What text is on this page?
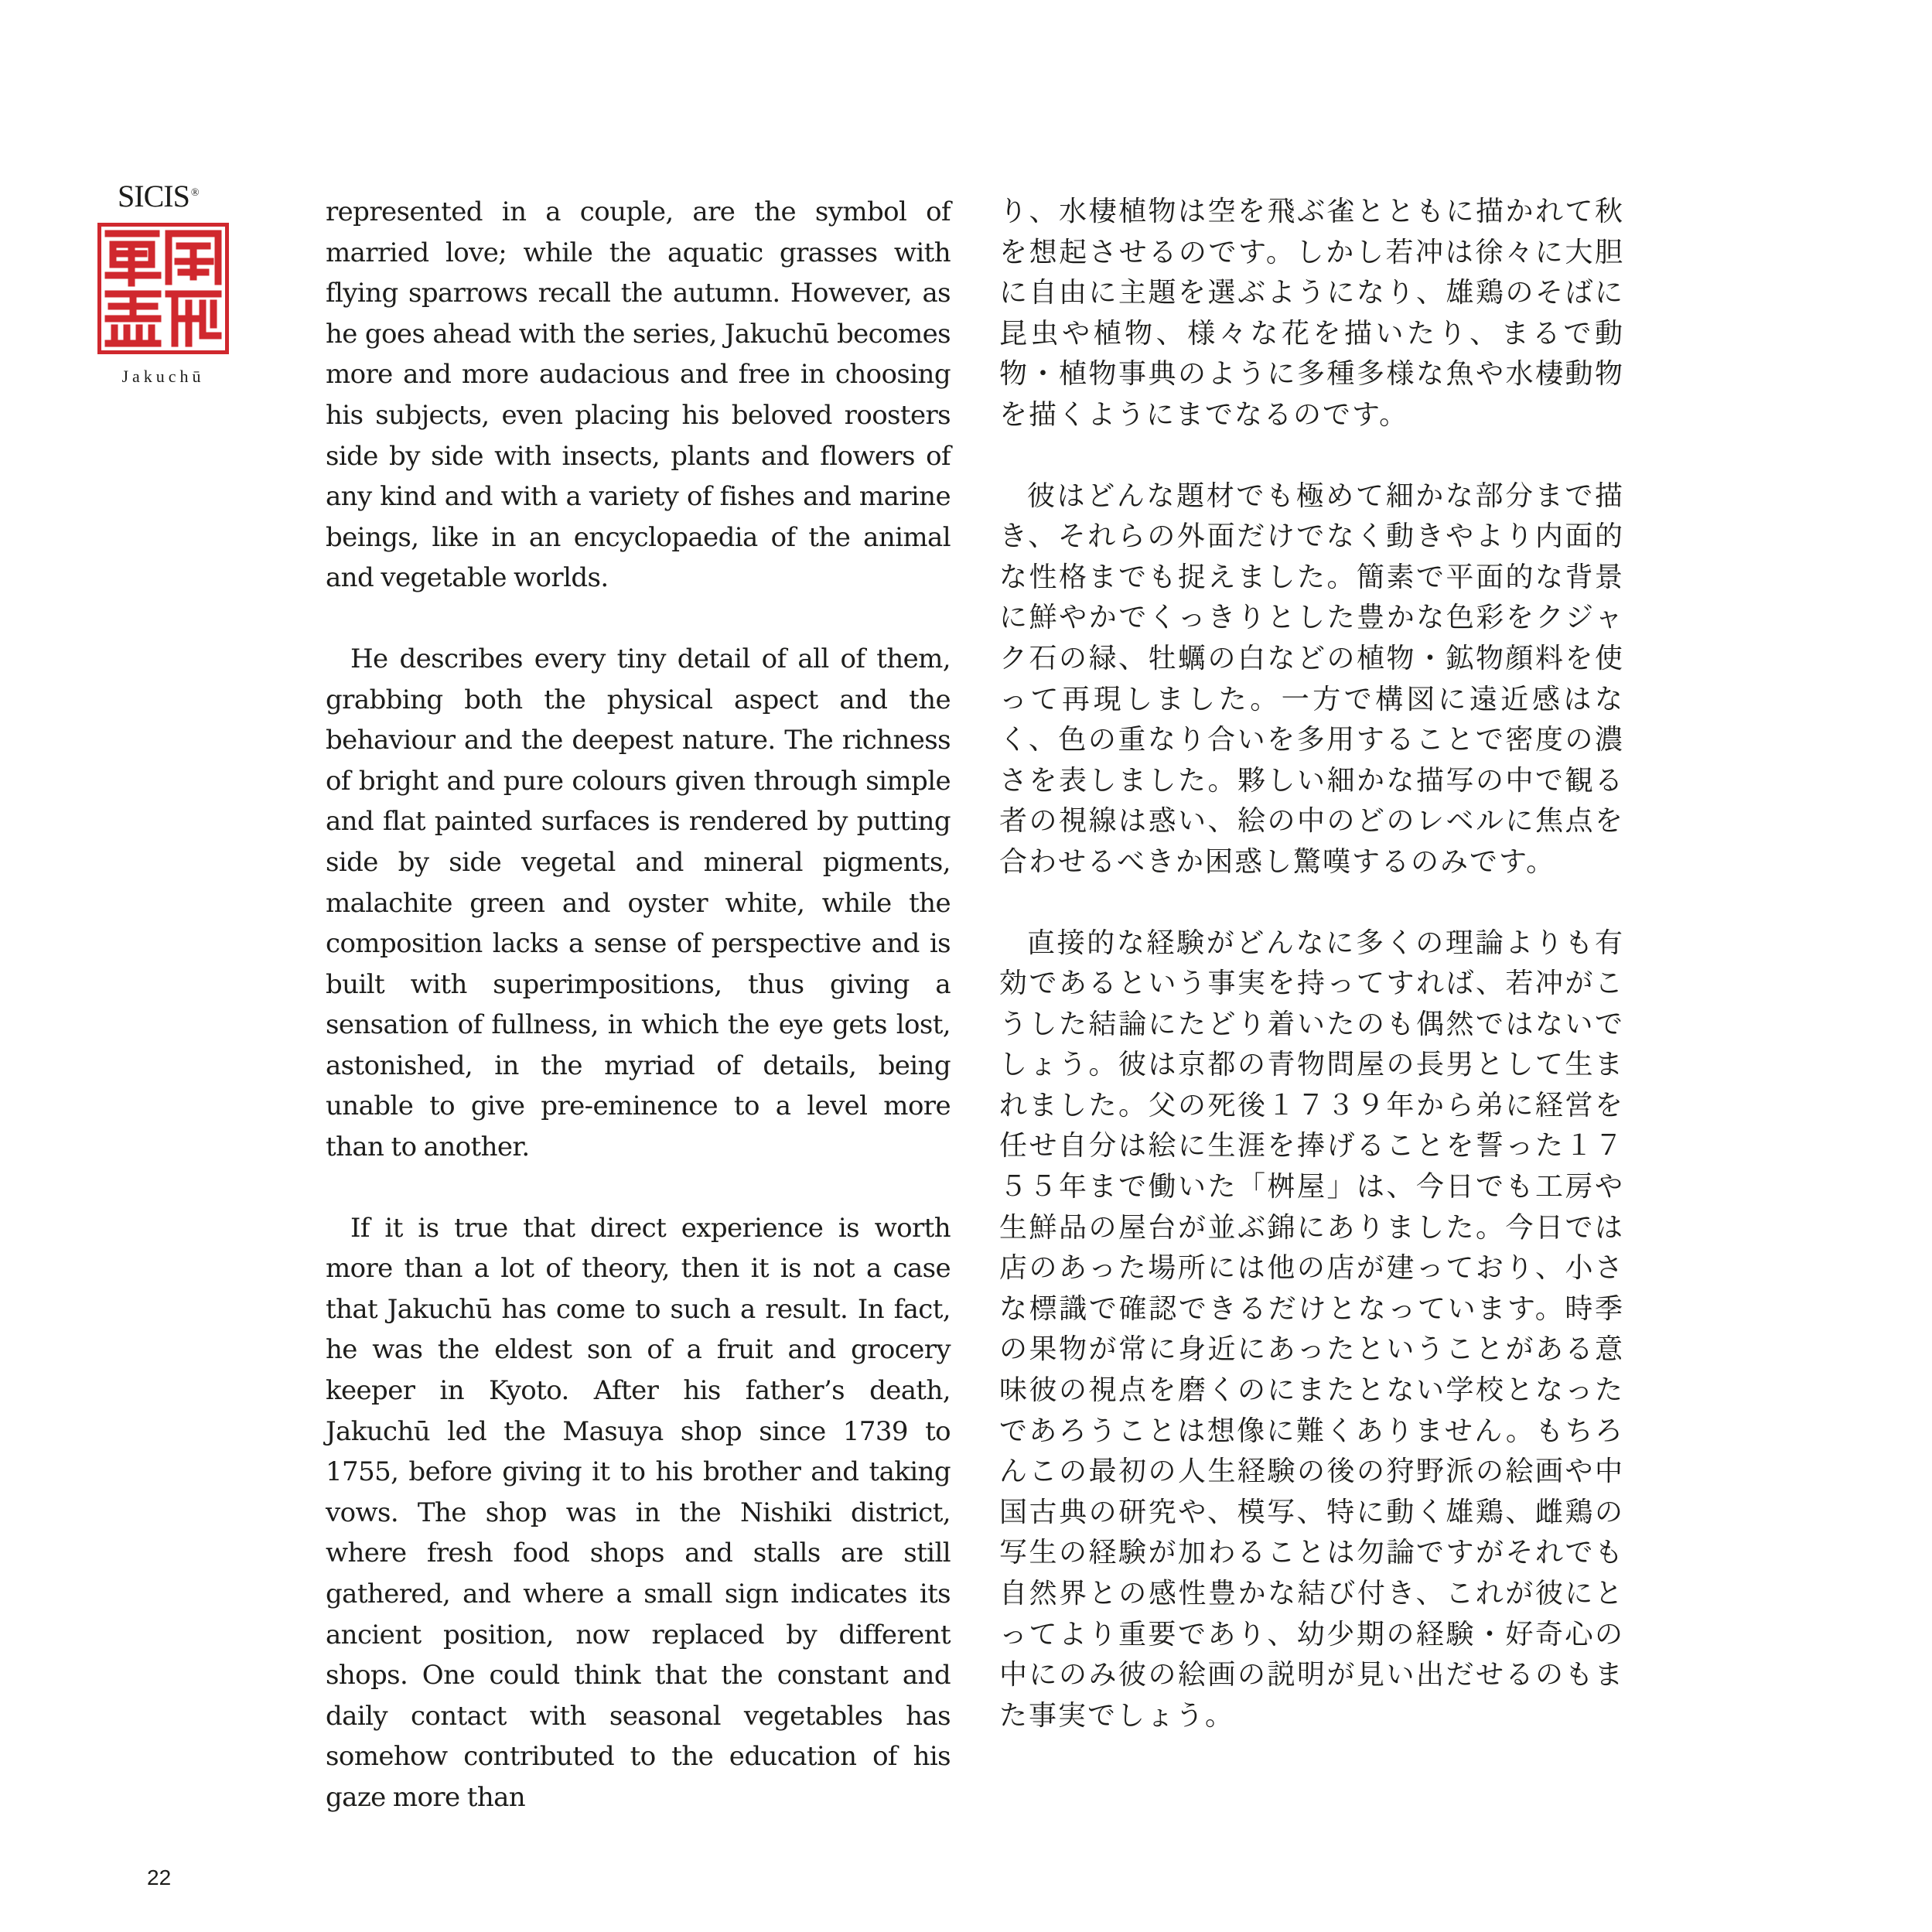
SICIS ®
Jakuchū

represented in a couple, are the symbol of married love; while the aquatic grasses with flying sparrows recall the autumn. However, as he goes ahead with the series, Jakuchū becomes more and more audacious and free in choosing his subjects, even placing his beloved roosters side by side with insects, plants and flowers of any kind and with a variety of fishes and marine beings, like in an encyclopaedia of the animal and vegetable worlds.

He describes every tiny detail of all of them, grabbing both the physical aspect and the behaviour and the deepest nature. The richness of bright and pure colours given through simple and flat painted surfaces is rendered by putting side by side vegetal and mineral pigments, malachite green and oyster white, while the composition lacks a sense of perspective and is built with superimpositions, thus giving a sensation of fullness, in which the eye gets lost, astonished, in the myriad of details, being unable to give pre-eminence to a level more than to another.

If it is true that direct experience is worth more than a lot of theory, then it is not a case that Jakuchū has come to such a result. In fact, he was the eldest son of a fruit and grocery keeper in Kyoto. After his father’s death, Jakuchū led the Masuya shop since 1739 to 1755, before giving it to his brother and taking vows. The shop was in the Nishiki district, where fresh food shops and stalls are still gathered, and where a small sign indicates its ancient position, now replaced by different shops. One could think that the constant and daily contact with seasonal vegetables has somehow contributed to the education of his gaze more than

り、水棲植物は空を飛ぶ雀とともに描かれて秋を想起させるのです。しかし若冲は徐々に大胆に自由に主題を選ぶようになり、雄鶏のそばに昆虫や植物、様々な花を描いたり、まるで動物・植物事典のように多種多様な魚や水棲動物を描くようにまでなるのです。

彼はどんな題材でも極めて細かな部分まで描き、それらの外面だけでなく動きやより内面的な性格までも捉えました。簡素で平面的な背景に鮮やかでくっきりとした豊かな色彩をクジャク石の緑、牡蠣の白などの植物・鉱物顔料を使って再現しました。一方で構図に遠近感はなく、色の重なり合いを多用することで密度の濃さを表しました。夥しい細かな描写の中で観る者の視線は惑い、絵の中のどのレベルに焦点を合わせるべきか困惑し驚嘆するのみです。

直接的な経験がどんなに多くの理論よりも有効であるという事実を持ってすれば、若冲がこうした結論にたどり着いたのも偶然ではないでしょう。彼は京都の青物問屋の長男として生まれました。父の死後１７３９年から弟に経営を任せ自分は絵に生涯を捧げることを誓った１７５５年まで働いた「桝屋」は、今日でも工房や生鮮品の屋台が並ぶ錦にありました。今日では店のあった場所には他の店が建っており、小さな標識で確認できるだけとなっています。時季の果物が常に身近にあったということがある意味彼の視点を磨くのにまたとない学校となったであろうことは想像に難くありません。もちろんこの最初の人生経験の後の狩野派の絵画や中国古典の研究や、模写、特に動く雄鶏、雌鶏の写生の経験が加わることは勿論ですがそれでも自然界との感性豊かな結び付き、これが彼にとってより重要であり、幼少期の経験・好奇心の中にのみ彼の絵画の説明が見い出だせるのもまた事実でしょう。

22
